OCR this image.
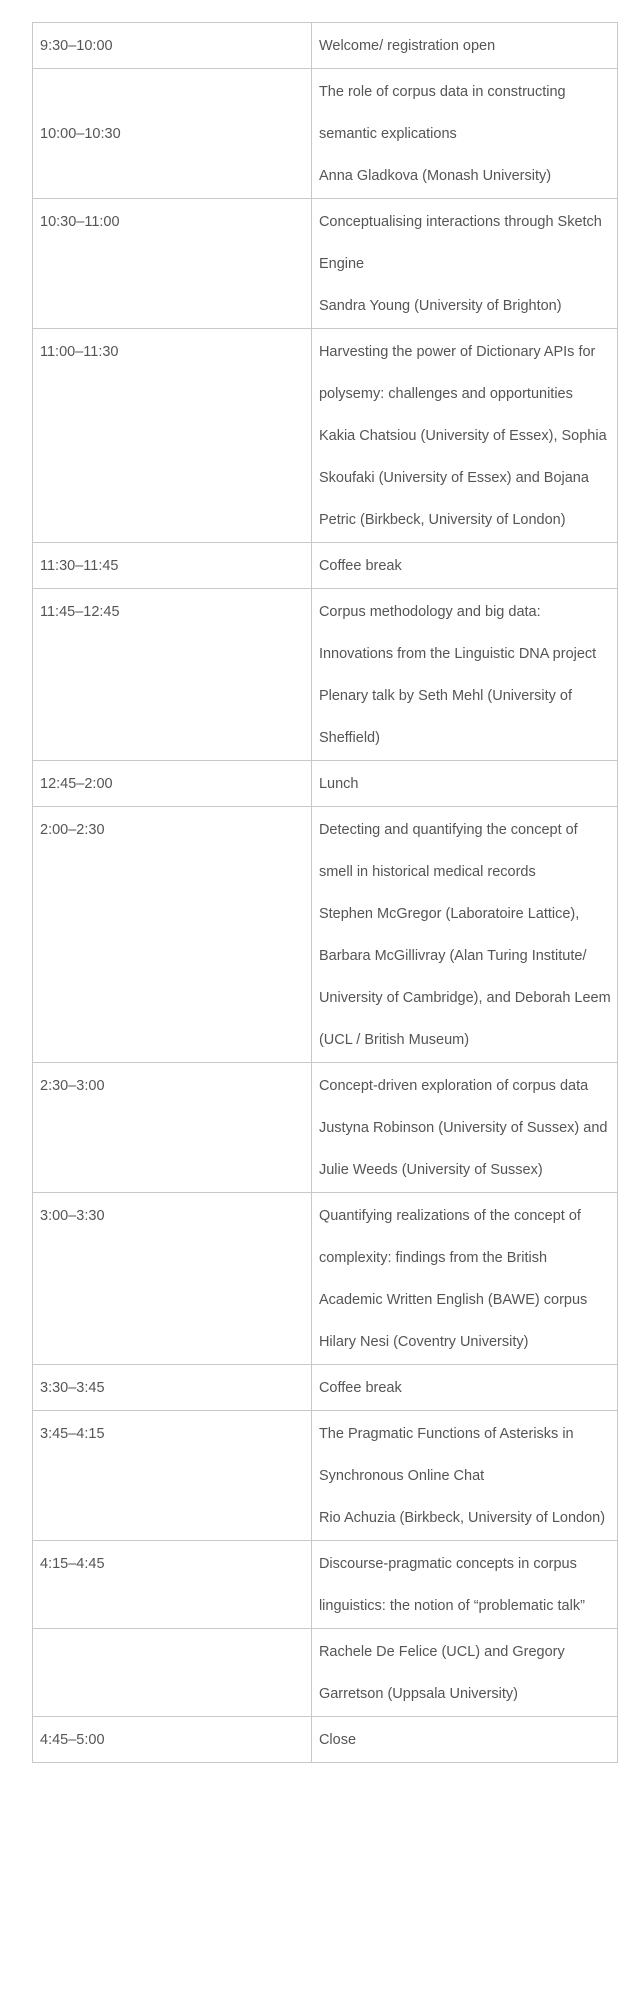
9:30–10:00	Welcome/ registration open

10:00–10:30	The role of corpus data in constructing semantic explications
Anna Gladkova (Monash University)

10:30–11:00	Conceptualising interactions through Sketch Engine
Sandra Young (University of Brighton)

11:00–11:30	Harvesting the power of Dictionary APIs for polysemy: challenges and opportunities
Kakia Chatsiou (University of Essex), Sophia Skoufaki (University of Essex) and Bojana Petric (Birkbeck, University of London)

11:30–11:45	Coffee break

11:45–12:45	Corpus methodology and big data: Innovations from the Linguistic DNA project
Plenary talk by Seth Mehl (University of Sheffield)

12:45–2:00	Lunch

2:00–2:30	Detecting and quantifying the concept of smell in historical medical records
Stephen McGregor (Laboratoire Lattice), Barbara McGillivray (Alan Turing Institute/ University of Cambridge), and Deborah Leem (UCL / British Museum)

2:30–3:00	Concept-driven exploration of corpus data
Justyna Robinson (University of Sussex) and Julie Weeds (University of Sussex)

3:00–3:30	Quantifying realizations of the concept of complexity: findings from the British Academic Written English (BAWE) corpus
Hilary Nesi (Coventry University)

3:30–3:45	Coffee break

3:45–4:15	The Pragmatic Functions of Asterisks in Synchronous Online Chat
Rio Achuzia (Birkbeck, University of London)

4:15–4:45	Discourse-pragmatic concepts in corpus linguistics: the notion of “problematic talk”

	Rachele De Felice (UCL) and Gregory Garretson (Uppsala University)

4:45–5:00	Close
